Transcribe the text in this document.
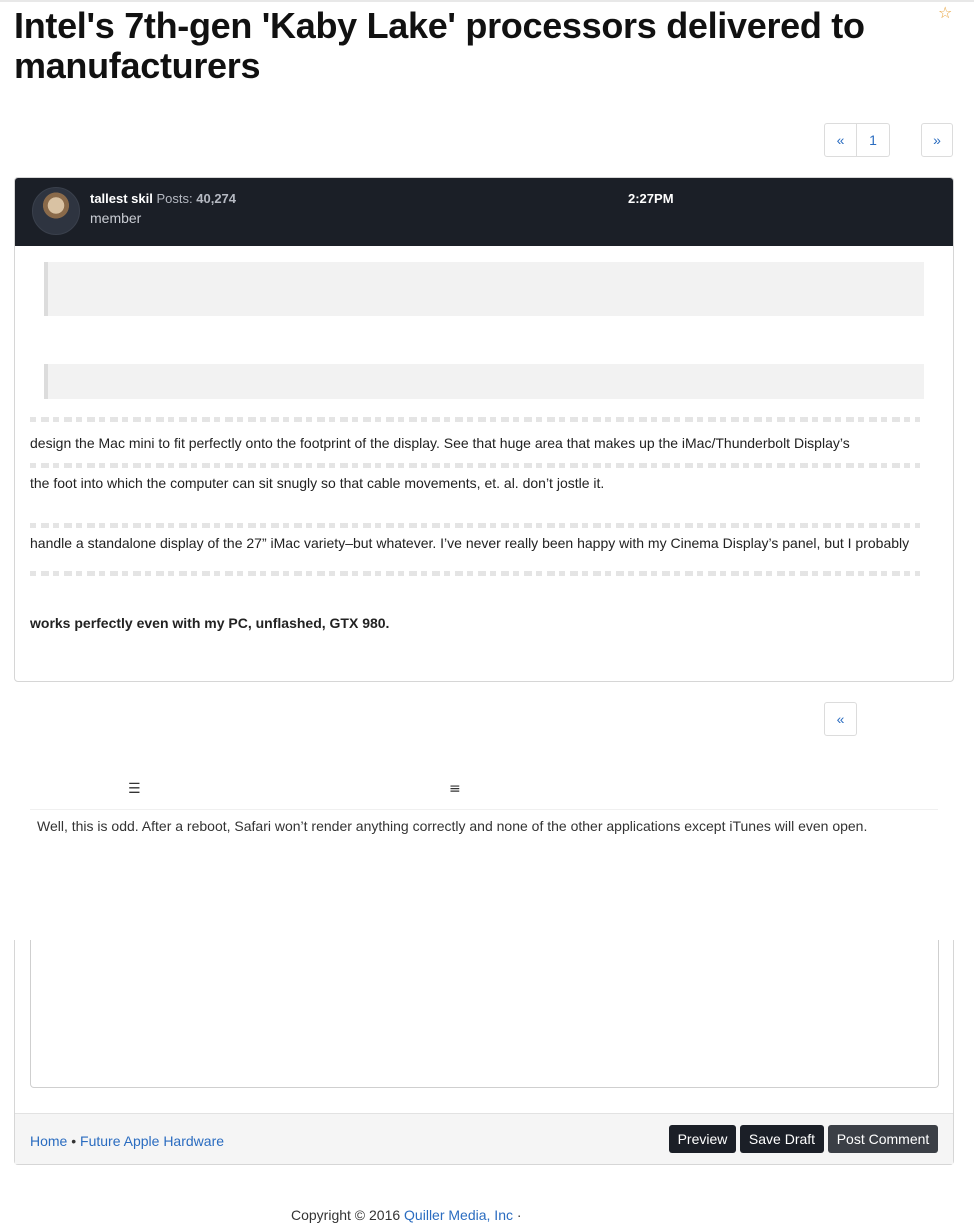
☆
Intel's 7th-gen 'Kaby Lake' processors delivered to manufacturers
«	1	»
tallest skil Posts: 40,274
member
2:27PM
design the Mac mini to fit perfectly onto the footprint of the display. See that huge area that makes up the iMac/Thunderbolt Display’s
the foot into which the computer can sit snugly so that cable movements, et. al. don’t jostle it.
handle a standalone display of the 27” iMac variety–but whatever. I’ve never really been happy with my Cinema Display’s panel, but I probably
works perfectly even with my PC, unflashed, GTX 980.
«
☰	≡
Well, this is odd. After a reboot, Safari won’t render anything correctly and none of the other applications except iTunes will even open.
Home • Future Apple Hardware	Preview	Save Draft	Post Comment
Copyright © 2016 Quiller Media, Inc ·
